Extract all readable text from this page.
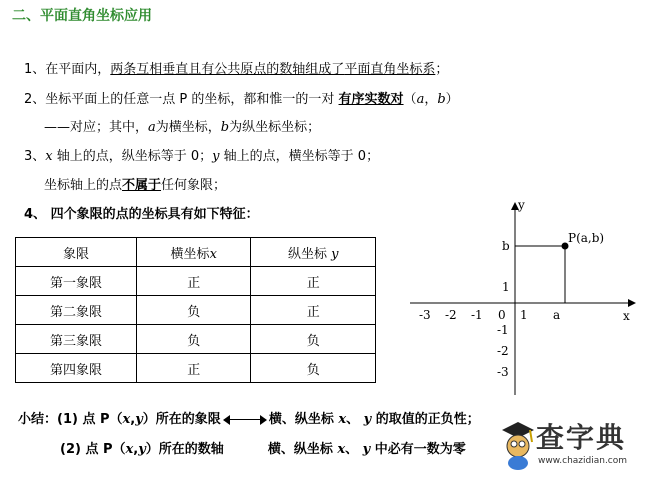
二、平面直角坐标应用
1、在平面内，两条互相垂直且有公共原点的数轴组成了平面直角坐标系；
2、坐标平面上的任意一点 P 的坐标，都和惟一的一对 有序实数对（a，b）
——对应；其中，a为横坐标，b为纵坐标坐标；
3、x 轴上的点，纵坐标等于 0；y 轴上的点，横坐标等于 0；
坐标轴上的点不属于任何象限；
4、 四个象限的点的坐标具有如下特征：
象限	横坐标x	纵坐标 y
第一象限	正	正
第二象限	负	正
第三象限	负	负
第四象限	正	负
P(a,b)
y
x
b
1
-3 -2 -1 0 1 a
-1
-2
-3
小结：(1) 点 P（x,y）所在的象限	横、纵坐标 x、 y 的取值的正负性；
(2) 点 P（x,y）所在的数轴	横、纵坐标 x、 y 中必有一数为零	查字典
www.chazidian.com
